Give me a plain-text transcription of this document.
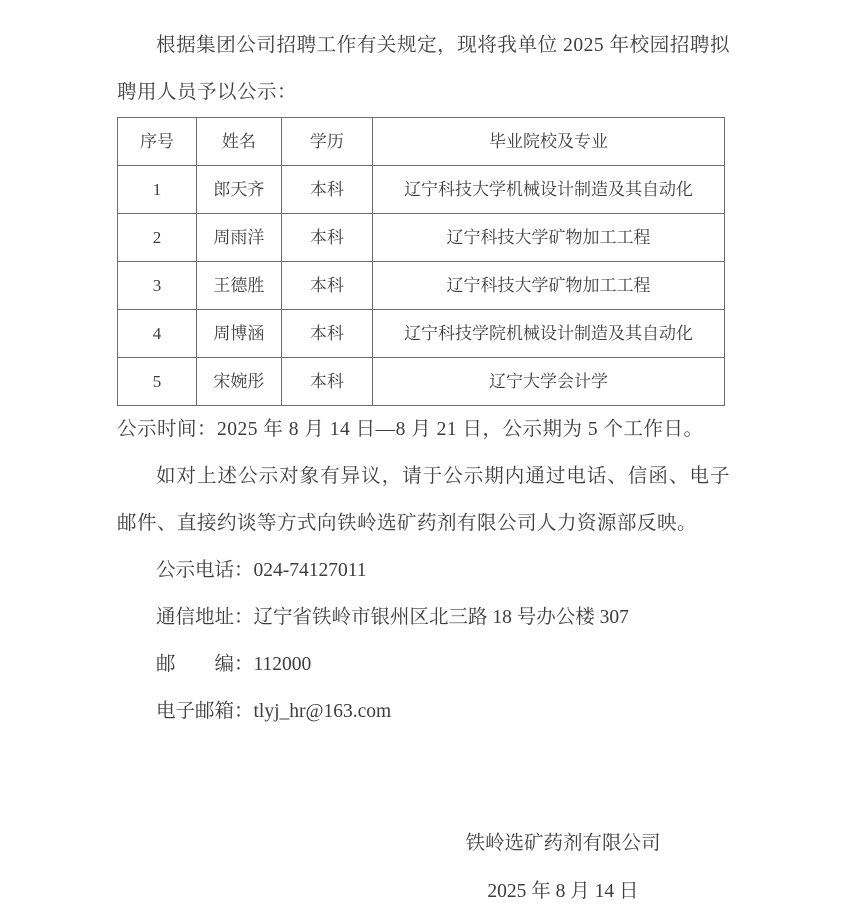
根据集团公司招聘工作有关规定，现将我单位 2025 年校园招聘拟聘用人员予以公示：

序号	姓名	学历	毕业院校及专业
1	郎天齐	本科	辽宁科技大学机械设计制造及其自动化
2	周雨洋	本科	辽宁科技大学矿物加工工程
3	王德胜	本科	辽宁科技大学矿物加工工程
4	周博涵	本科	辽宁科技学院机械设计制造及其自动化
5	宋婉彤	本科	辽宁大学会计学

公示时间：2025 年 8 月 14 日—8 月 21 日，公示期为 5 个工作日。

如对上述公示对象有异议，请于公示期内通过电话、信函、电子邮件、直接约谈等方式向铁岭选矿药剂有限公司人力资源部反映。

公示电话：024-74127011
通信地址：辽宁省铁岭市银州区北三路 18 号办公楼 307
邮　　编：112000
电子邮箱：tlyj_hr@163.com
铁岭选矿药剂有限公司
2025 年 8 月 14 日
